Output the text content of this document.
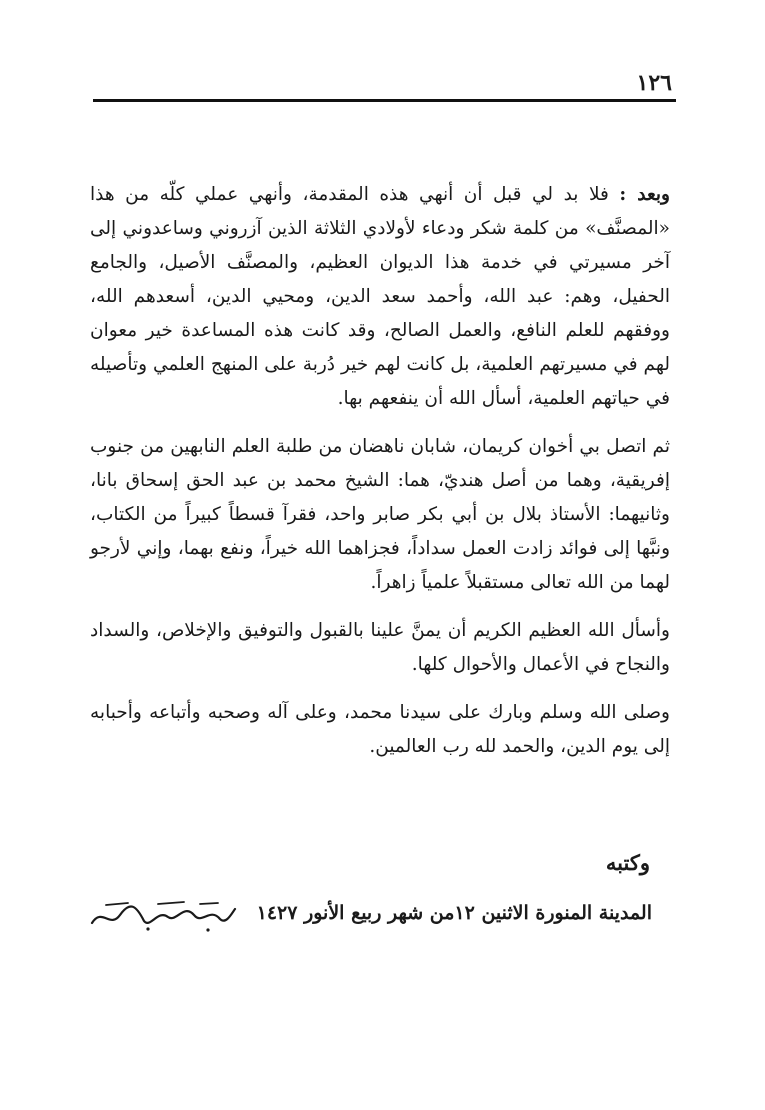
١٢٦

وبعد : فلا بد لي قبل أن أنهي هذه المقدمة، وأنهي عملي كلّه من هذا «المصنَّف» من كلمة شكر ودعاء لأولادي الثلاثة الذين آزروني وساعدوني إلى آخر مسيرتي في خدمة هذا الديوان العظيم، والمصنَّف الأصيل، والجامع الحفيل، وهم: عبد الله، وأحمد سعد الدين، ومحيي الدين، أسعدهم الله، ووفقهم للعلم النافع، والعمل الصالح، وقد كانت هذه المساعدة خير معوان لهم في مسيرتهم العلمية، بل كانت لهم خير دُربة على المنهج العلمي وتأصيله في حياتهم العلمية، أسأل الله أن ينفعهم بها.

ثم اتصل بي أخوان كريمان، شابان ناهضان من طلبة العلم النابهين من جنوب إفريقية، وهما من أصل هنديّ، هما: الشيخ محمد بن عبد الحق إسحاق بانا، وثانيهما: الأستاذ بلال بن أبي بكر صابر واحد، فقرآ قسطاً كبيراً من الكتاب، ونبَّها إلى فوائد زادت العمل سداداً، فجزاهما الله خيراً، ونفع بهما، وإني لأرجو لهما من الله تعالى مستقبلاً علمياً زاهراً.

وأسأل الله العظيم الكريم أن يمنَّ علينا بالقبول والتوفيق والإخلاص، والسداد والنجاح في الأعمال والأحوال كلها.

وصلى الله وسلم وبارك على سيدنا محمد، وعلى آله وصحبه وأتباعه وأحبابه إلى يوم الدين، والحمد لله رب العالمين.

وكتبه
المدينة المنورة الاثنين ١٢من شهر ربيع الأنور ١٤٢٧
